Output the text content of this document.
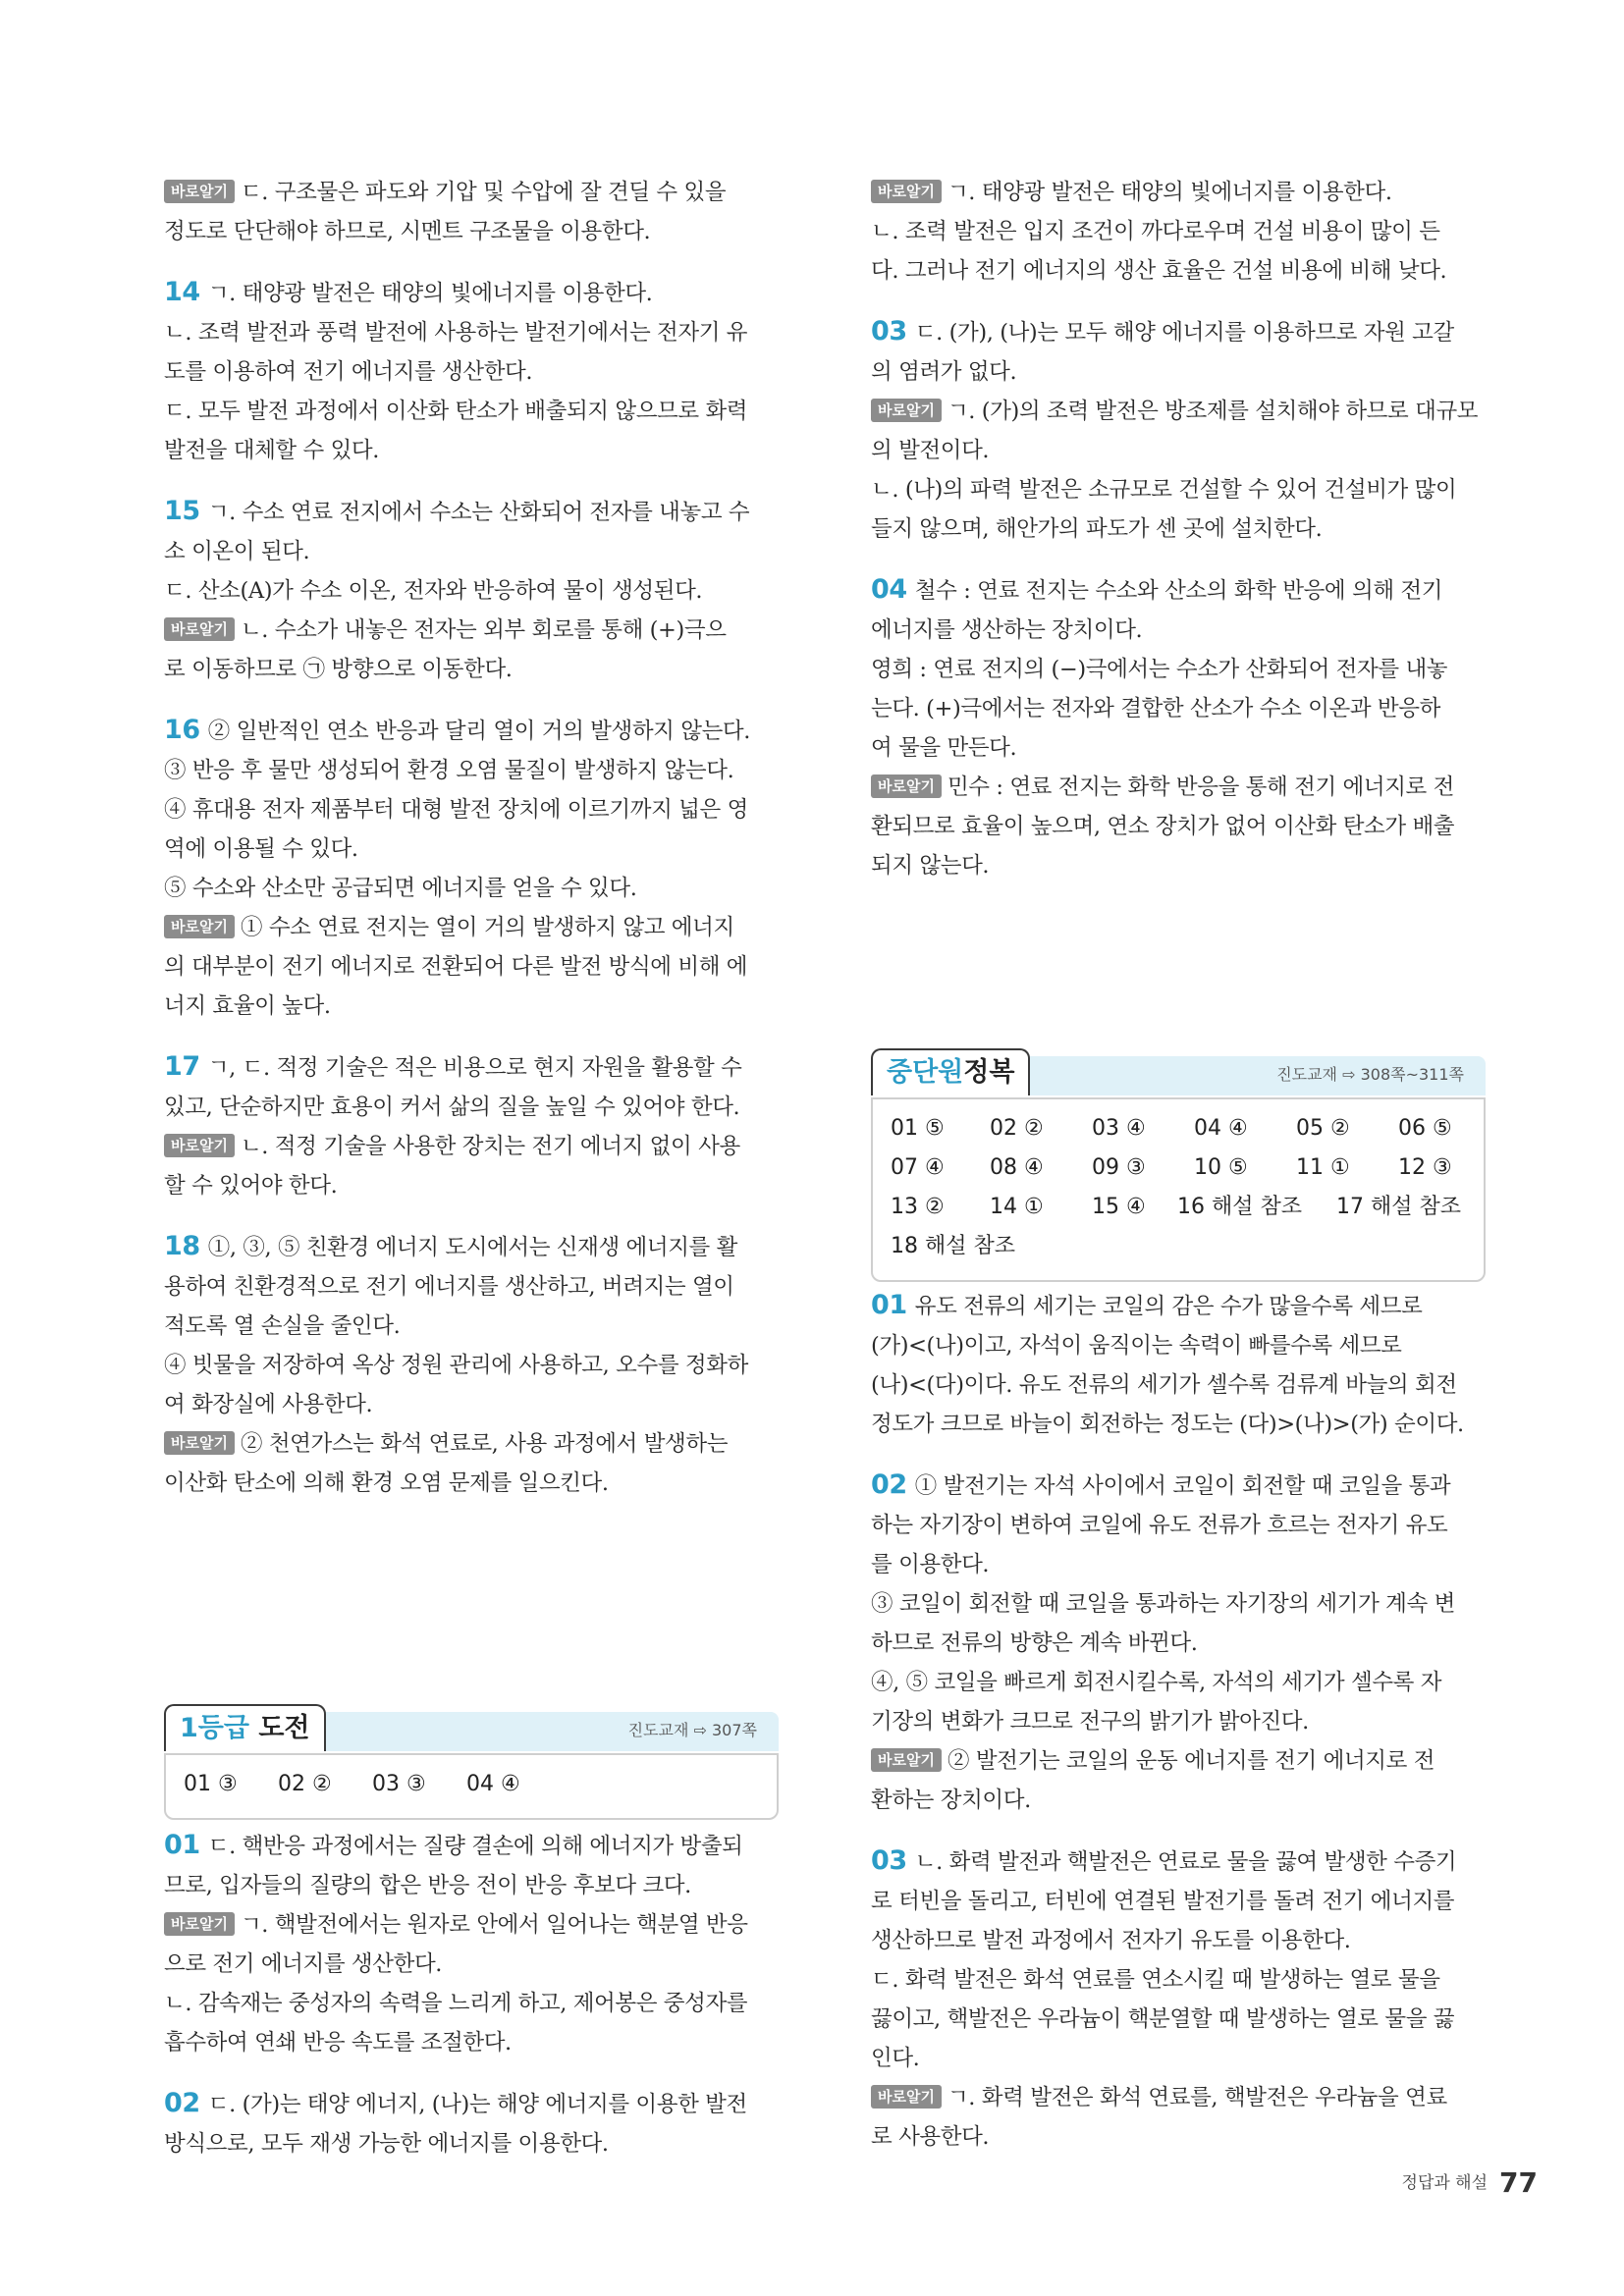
바로알기 ㄷ. 구조물은 파도와 기압 및 수압에 잘 견딜 수 있을

정도로 단단해야 하므로, 시멘트 구조물을 이용한다.

14 ㄱ. 태양광 발전은 태양의 빛에너지를 이용한다.

ㄴ. 조력 발전과 풍력 발전에 사용하는 발전기에서는 전자기 유

도를 이용하여 전기 에너지를 생산한다.

ㄷ. 모두 발전 과정에서 이산화 탄소가 배출되지 않으므로 화력

발전을 대체할 수 있다.

15 ㄱ. 수소 연료 전지에서 수소는 산화되어 전자를 내놓고 수

소 이온이 된다.

ㄷ. 산소(A)가 수소 이온, 전자와 반응하여 물이 생성된다.

바로알기 ㄴ. 수소가 내놓은 전자는 외부 회로를 통해 (+)극으

로 이동하므로 ㉠ 방향으로 이동한다.

16 ② 일반적인 연소 반응과 달리 열이 거의 발생하지 않는다.

③ 반응 후 물만 생성되어 환경 오염 물질이 발생하지 않는다.

④ 휴대용 전자 제품부터 대형 발전 장치에 이르기까지 넓은 영

역에 이용될 수 있다.

⑤ 수소와 산소만 공급되면 에너지를 얻을 수 있다.

바로알기 ① 수소 연료 전지는 열이 거의 발생하지 않고 에너지

의 대부분이 전기 에너지로 전환되어 다른 발전 방식에 비해 에

너지 효율이 높다.

17 ㄱ, ㄷ. 적정 기술은 적은 비용으로 현지 자원을 활용할 수

있고, 단순하지만 효용이 커서 삶의 질을 높일 수 있어야 한다.

바로알기 ㄴ. 적정 기술을 사용한 장치는 전기 에너지 없이 사용

할 수 있어야 한다.

18 ①, ③, ⑤ 친환경 에너지 도시에서는 신재생 에너지를 활

용하여 친환경적으로 전기 에너지를 생산하고, 버려지는 열이

적도록 열 손실을 줄인다.

④ 빗물을 저장하여 옥상 정원 관리에 사용하고, 오수를 정화하

여 화장실에 사용한다.

바로알기 ② 천연가스는 화석 연료로, 사용 과정에서 발생하는

이산화 탄소에 의해 환경 오염 문제를 일으킨다.

1등급 도전	진도교재 ⇨ 307쪽
01 ③	02 ②	03 ③	04 ④

01 ㄷ. 핵반응 과정에서는 질량 결손에 의해 에너지가 방출되

므로, 입자들의 질량의 합은 반응 전이 반응 후보다 크다.

바로알기 ㄱ. 핵발전에서는 원자로 안에서 일어나는 핵분열 반응

으로 전기 에너지를 생산한다.

ㄴ. 감속재는 중성자의 속력을 느리게 하고, 제어봉은 중성자를

흡수하여 연쇄 반응 속도를 조절한다.

02 ㄷ. (가)는 태양 에너지, (나)는 해양 에너지를 이용한 발전

방식으로, 모두 재생 가능한 에너지를 이용한다.

바로알기 ㄱ. 태양광 발전은 태양의 빛에너지를 이용한다.

ㄴ. 조력 발전은 입지 조건이 까다로우며 건설 비용이 많이 든

다. 그러나 전기 에너지의 생산 효율은 건설 비용에 비해 낮다.

03 ㄷ. (가), (나)는 모두 해양 에너지를 이용하므로 자원 고갈

의 염려가 없다.

바로알기 ㄱ. (가)의 조력 발전은 방조제를 설치해야 하므로 대규모

의 발전이다.

ㄴ. (나)의 파력 발전은 소규모로 건설할 수 있어 건설비가 많이

들지 않으며, 해안가의 파도가 센 곳에 설치한다.

04 철수 : 연료 전지는 수소와 산소의 화학 반응에 의해 전기

에너지를 생산하는 장치이다.

영희 : 연료 전지의 (−)극에서는 수소가 산화되어 전자를 내놓

는다. (+)극에서는 전자와 결합한 산소가 수소 이온과 반응하

여 물을 만든다.

바로알기 민수 : 연료 전지는 화학 반응을 통해 전기 에너지로 전

환되므로 효율이 높으며, 연소 장치가 없어 이산화 탄소가 배출

되지 않는다.

중단원정복	진도교재 ⇨ 308쪽~311쪽
01 ⑤	02 ②	03 ④	04 ④	05 ②	06 ⑤
07 ④	08 ④	09 ③	10 ⑤	11 ①	12 ③
13 ②	14 ①	15 ④	16 해설 참조	17 해설 참조
18 해설 참조

01 유도 전류의 세기는 코일의 감은 수가 많을수록 세므로

(가)<(나)이고, 자석이 움직이는 속력이 빠를수록 세므로

(나)<(다)이다. 유도 전류의 세기가 셀수록 검류계 바늘의 회전

정도가 크므로 바늘이 회전하는 정도는 (다)>(나)>(가) 순이다.

02 ① 발전기는 자석 사이에서 코일이 회전할 때 코일을 통과

하는 자기장이 변하여 코일에 유도 전류가 흐르는 전자기 유도

를 이용한다.

③ 코일이 회전할 때 코일을 통과하는 자기장의 세기가 계속 변

하므로 전류의 방향은 계속 바뀐다.

④, ⑤ 코일을 빠르게 회전시킬수록, 자석의 세기가 셀수록 자

기장의 변화가 크므로 전구의 밝기가 밝아진다.

바로알기 ② 발전기는 코일의 운동 에너지를 전기 에너지로 전

환하는 장치이다.

03 ㄴ. 화력 발전과 핵발전은 연료로 물을 끓여 발생한 수증기

로 터빈을 돌리고, 터빈에 연결된 발전기를 돌려 전기 에너지를

생산하므로 발전 과정에서 전자기 유도를 이용한다.

ㄷ. 화력 발전은 화석 연료를 연소시킬 때 발생하는 열로 물을

끓이고, 핵발전은 우라늄이 핵분열할 때 발생하는 열로 물을 끓

인다.

바로알기 ㄱ. 화력 발전은 화석 연료를, 핵발전은 우라늄을 연료

로 사용한다.

정답과 해설 77
